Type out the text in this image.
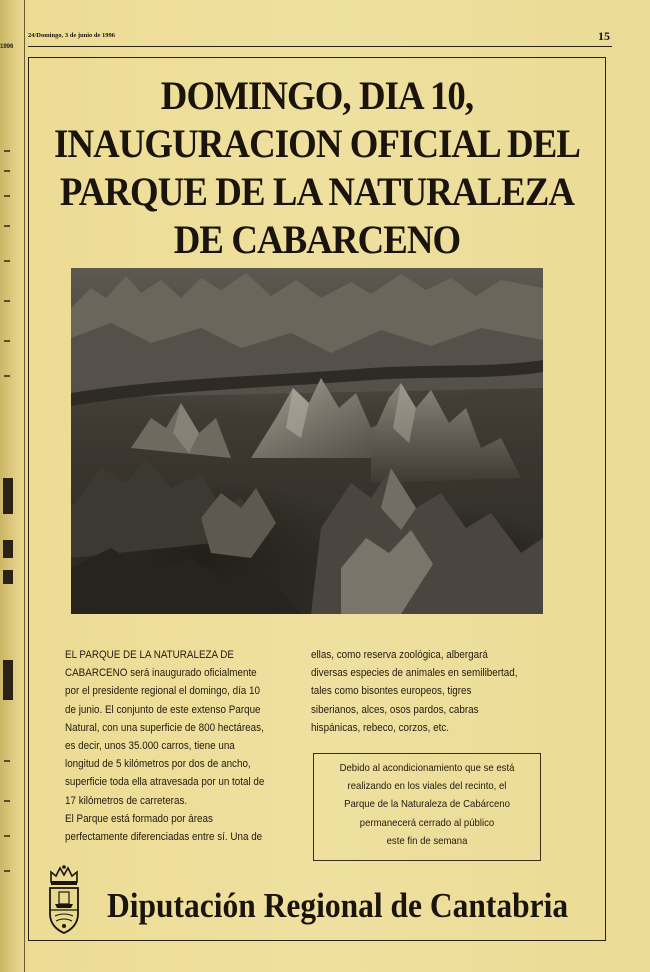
1996
24/Domingo, 3 de junio de 1996	15
DOMINGO, DIA 10,
INAUGURACION OFICIAL DEL
PARQUE DE LA NATURALEZA
DE CABARCENO

EL PARQUE DE LA NATURALEZA DE

CABARCENO será inaugurado oficialmente

por el presidente regional el domingo, día 10

de junio. El conjunto de este extenso Parque

Natural, con una superficie de 800 hectáreas,

es decir, unos 35.000 carros, tiene una

longitud de 5 kilómetros por dos de ancho,

superficie toda ella atravesada por un total de

17 kilómetros de carreteras.

El Parque está formado por áreas

perfectamente diferenciadas entre sí. Una de

ellas, como reserva zoológica, albergará

diversas especies de animales en semilibertad,

tales como bisontes europeos, tigres

siberianos, alces, osos pardos, cabras

hispánicas, rebeco, corzos, etc.

Debido al acondicionamiento que se está
realizando en los viales del recinto, el
Parque de la Naturaleza de Cabárceno
permanecerá cerrado al público
este fin de semana
Diputación Regional de Cantabria
